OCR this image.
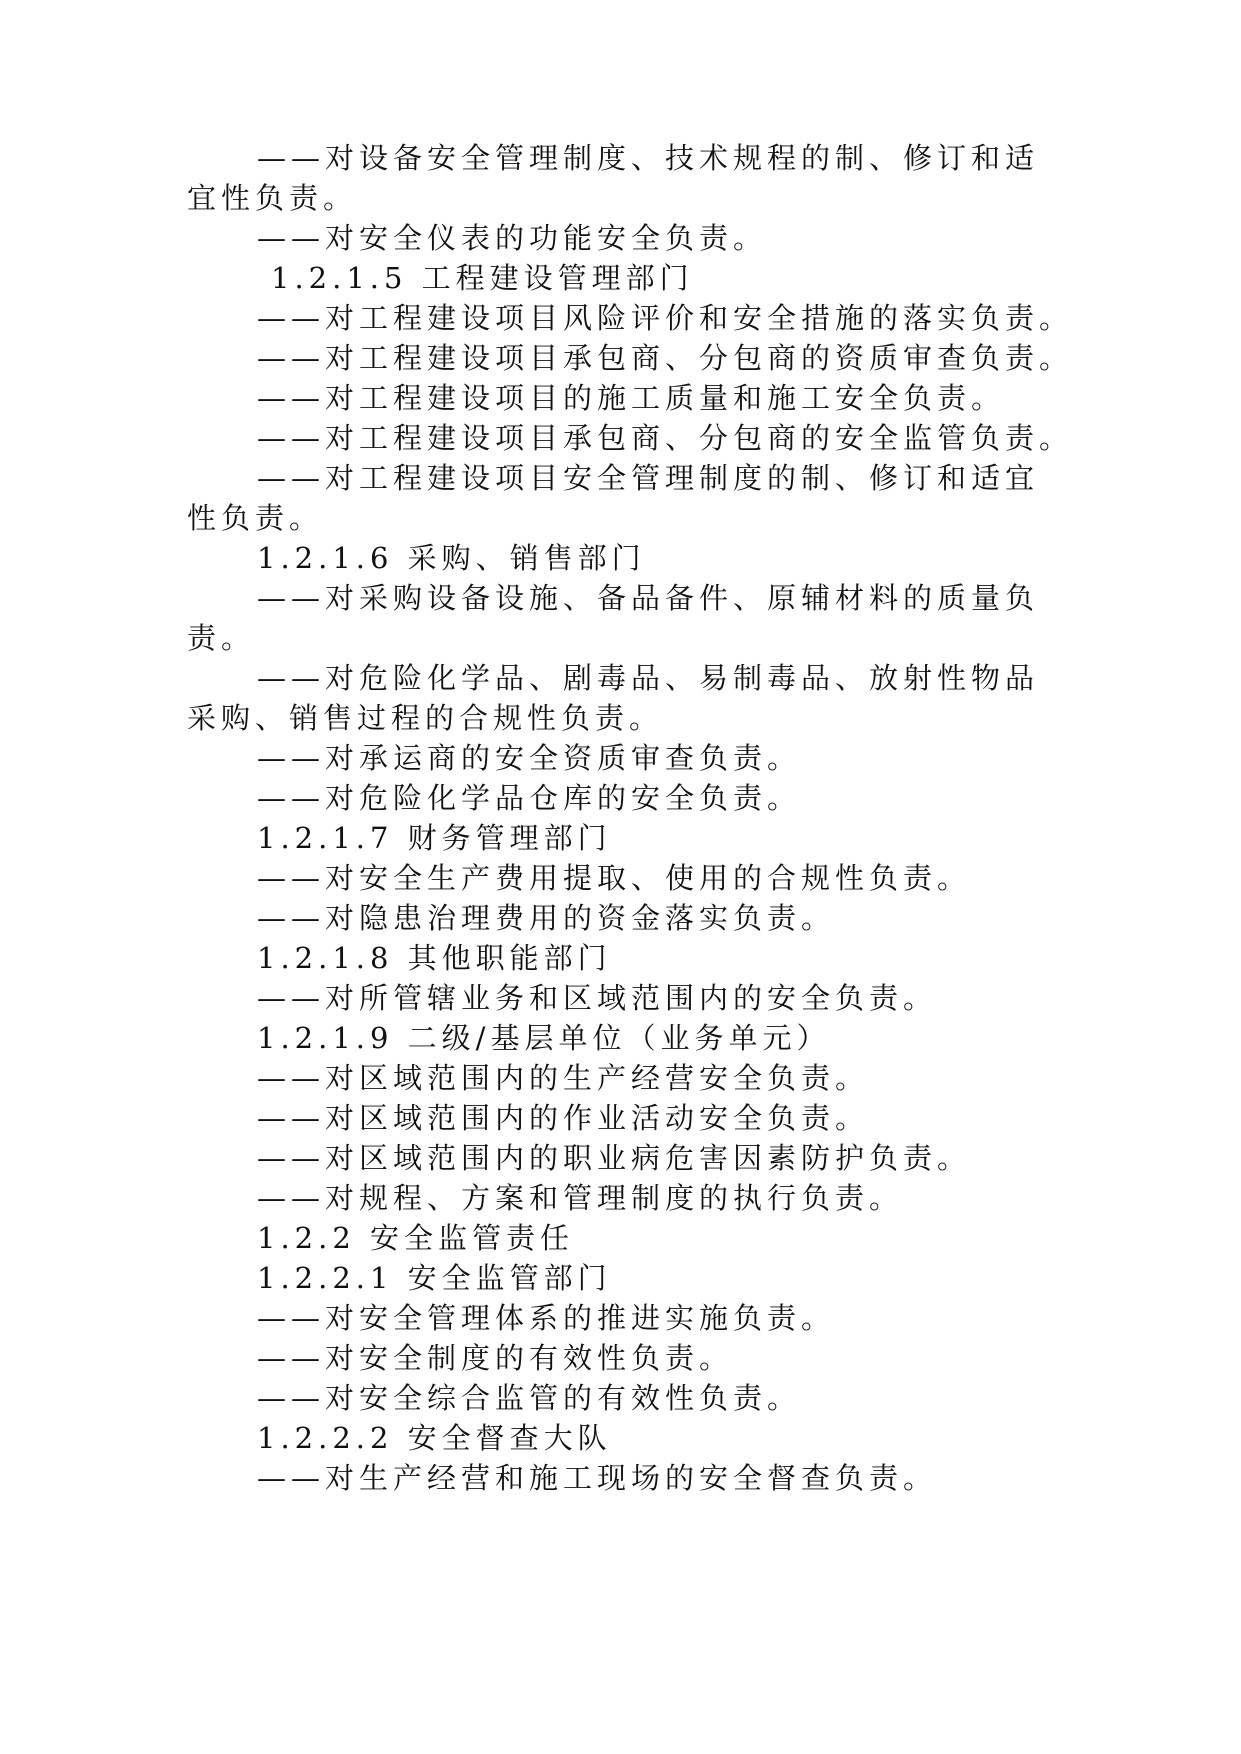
——对设备安全管理制度、技术规程的制、修订和适
宜性负责。
——对安全仪表的功能安全负责。
1.2.1.5 工程建设管理部门
——对工程建设项目风险评价和安全措施的落实负责。
——对工程建设项目承包商、分包商的资质审查负责。
——对工程建设项目的施工质量和施工安全负责。
——对工程建设项目承包商、分包商的安全监管负责。
——对工程建设项目安全管理制度的制、修订和适宜
性负责。
1.2.1.6 采购、销售部门
——对采购设备设施、备品备件、原辅材料的质量负
责。
——对危险化学品、剧毒品、易制毒品、放射性物品
采购、销售过程的合规性负责。
——对承运商的安全资质审查负责。
——对危险化学品仓库的安全负责。
1.2.1.7 财务管理部门
——对安全生产费用提取、使用的合规性负责。
——对隐患治理费用的资金落实负责。
1.2.1.8 其他职能部门
——对所管辖业务和区域范围内的安全负责。
1.2.1.9 二级/基层单位（业务单元）
——对区域范围内的生产经营安全负责。
——对区域范围内的作业活动安全负责。
——对区域范围内的职业病危害因素防护负责。
——对规程、方案和管理制度的执行负责。
1.2.2 安全监管责任
1.2.2.1 安全监管部门
——对安全管理体系的推进实施负责。
——对安全制度的有效性负责。
——对安全综合监管的有效性负责。
1.2.2.2 安全督查大队
——对生产经营和施工现场的安全督查负责。
